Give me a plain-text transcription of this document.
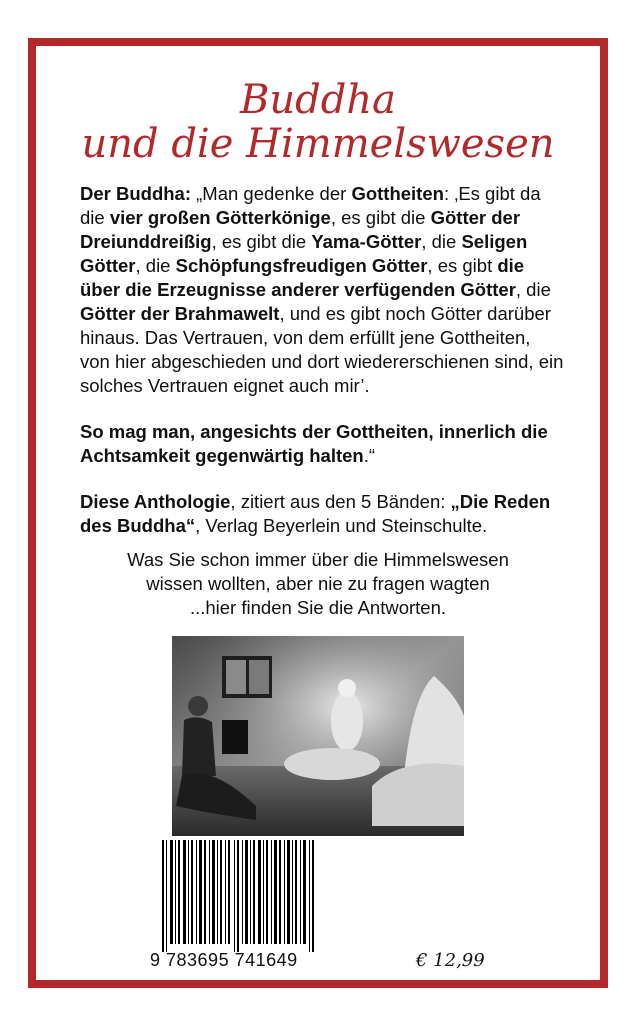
Buddha
und die Himmelswesen

Der Buddha: „Man gedenke der Gottheiten: ‚Es gibt da die vier großen Götterkönige, es gibt die Götter der Dreiunddreißig, es gibt die Yama-Götter, die Seligen Götter, die Schöpfungsfreudigen Götter, es gibt die über die Erzeugnisse anderer verfügenden Götter, die Götter der Brahmawelt, und es gibt noch Götter darüber hinaus. Das Vertrauen, von dem erfüllt jene Gottheiten, von hier abgeschieden und dort wiedererschienen sind, ein solches Vertrauen eignet auch mir’.

So mag man, angesichts der Gottheiten, innerlich die Achtsamkeit gegenwärtig halten.“

Diese Anthologie, zitiert aus den 5 Bänden: „Die Reden des Buddha“, Verlag Beyerlein und Steinschulte.

Was Sie schon immer über die Himmelswesen
wissen wollten, aber nie zu fragen wagten
...hier finden Sie die Antworten.
9 783695 741649	€ 12,99
